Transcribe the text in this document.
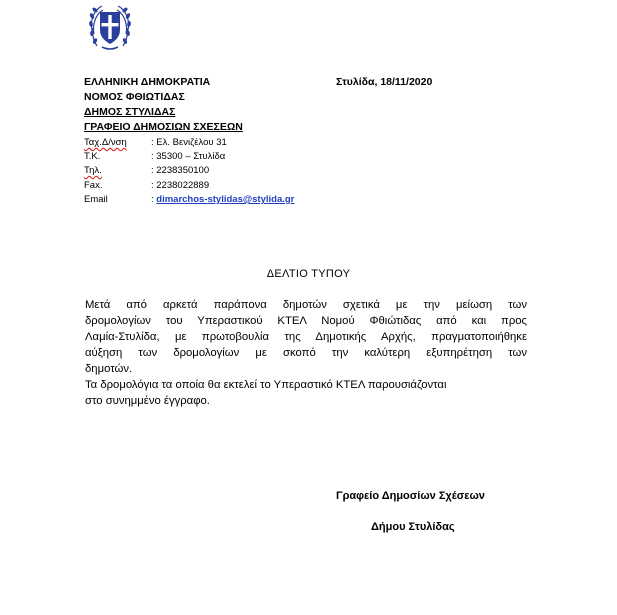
ΕΛΛΗΝΙΚΗ ΔΗΜΟΚΡΑΤΙΑ
ΝΟΜΟΣ ΦΘΙΩΤΙΔΑΣ
ΔΗΜΟΣ ΣΤΥΛΙΔΑΣ
ΓΡΑΦΕΙΟ ΔΗΜΟΣΙΩΝ ΣΧΕΣΕΩΝ
Στυλίδα, 18/11/2020
Ταχ.Δ/νση	: Ελ. Βενιζέλου 31
Τ.Κ.	: 35300 – Στυλίδα
Τηλ.	: 2238350100
Fax.	: 2238022889
Email	: dimarchos-stylidas@stylida.gr
ΔΕΛΤΙΟ ΤΥΠΟΥ
Μετά από αρκετά παράπονα δημοτών σχετικά με την μείωση των
δρομολογίων του Υπεραστικού ΚΤΕΛ Νομού Φθιώτιδας από και προς
Λαμία-Στυλίδα, με πρωτοβουλία της Δημοτικής Αρχής, πραγματοποιήθηκε
αύξηση των δρομολογίων με σκοπό την καλύτερη εξυπηρέτηση των
δημοτών.
Τα δρομολόγια τα οποία θα εκτελεί το Υπεραστικό ΚΤΕΛ παρουσιάζονται
στο συνημμένο έγγραφο.
Γραφείο Δημοσίων Σχέσεων
Δήμου Στυλίδας
